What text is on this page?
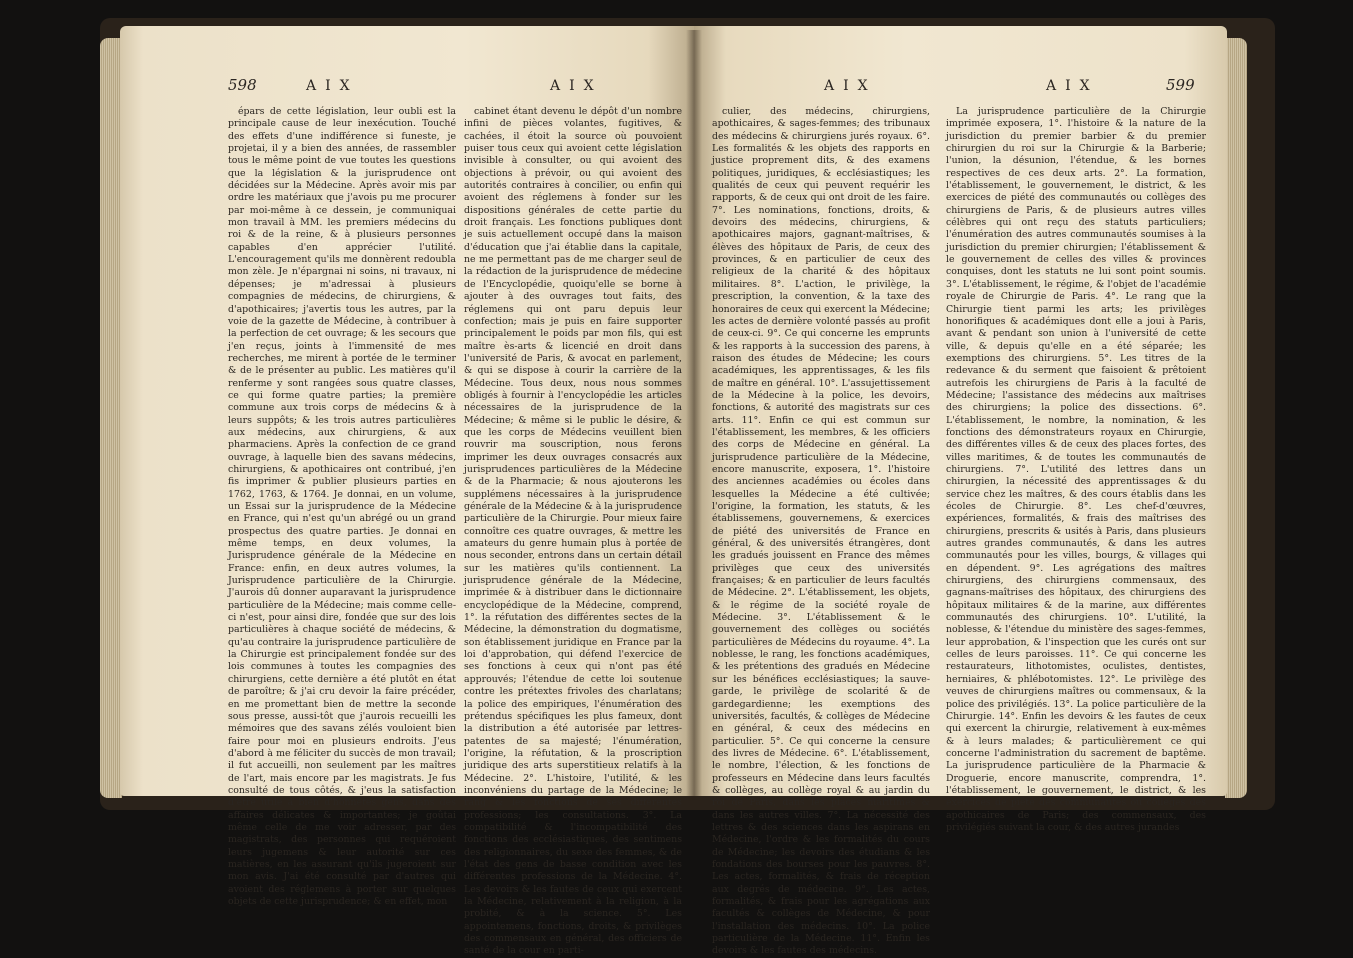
598	AIX	AIX

épars de cette législation, leur oubli est la principale cause de leur inexécution. Touché des effets d'une indifférence si funeste, je projetai, il y a bien des années, de rassembler tous le même point de vue toutes les questions que la législation & la jurisprudence ont décidées sur la Médecine. Après avoir mis par ordre les matériaux que j'avois pu me procurer par moi-même à ce dessein, je communiquai mon travail à MM. les premiers médecins du roi & de la reine, & à plusieurs personnes capables d'en apprécier l'utilité. L'encouragement qu'ils me donnèrent redoubla mon zèle. Je n'épargnai ni soins, ni travaux, ni dépenses; je m'adressai à plusieurs compagnies de médecins, de chirurgiens, & d'apothicaires; j'avertis tous les autres, par la voie de la gazette de Médecine, à contribuer à la perfection de cet ouvrage; & les secours que j'en reçus, joints à l'immensité de mes recherches, me mirent à portée de le terminer & de le présenter au public. Les matières qu'il renferme y sont rangées sous quatre classes, ce qui forme quatre parties; la première commune aux trois corps de médecins & à leurs suppôts; & les trois autres particulières aux médecins, aux chirurgiens, & aux pharmaciens. Après la confection de ce grand ouvrage, à laquelle bien des savans médecins, chirurgiens, & apothicaires ont contribué, j'en fis imprimer & publier plusieurs parties en 1762, 1763, & 1764. Je donnai, en un volume, un Essai sur la jurisprudence de la Médecine en France, qui n'est qu'un abrégé ou un grand prospectus des quatre parties. Je donnai en même temps, en deux volumes, la Jurisprudence générale de la Médecine en France: enfin, en deux autres volumes, la Jurisprudence particulière de la Chirurgie. J'aurois dû donner auparavant la jurisprudence particulière de la Médecine; mais comme celle-ci n'est, pour ainsi dire, fondée que sur des lois particulières à chaque société de médecins, & qu'au contraire la jurisprudence particulière de la Chirurgie est principalement fondée sur des lois communes à toutes les compagnies des chirurgiens, cette dernière a été plutôt en état de paroître; & j'ai cru devoir la faire précéder, en me promettant bien de mettre la seconde sous presse, aussi-tôt que j'aurois recueilli les mémoires que des savans zélés vouloient bien faire pour moi en plusieurs endroits. J'eus d'abord à me féliciter du succès de mon travail; il fut accueilli, non seulement par les maîtres de l'art, mais encore par les magistrats. Je fus consulté de tous côtés, & j'eus la satisfaction d'être utile à bien d'honnêtes gens, dans des affaires délicates & importantes; je goûtai même celle de me voir adresser, par des magistrats, des personnes qui requéroient leurs jugemens & leur autorité sur ces matières, en les assurant qu'ils jugeroient sur mon avis. J'ai été consulté par d'autres qui avoient des réglemens à porter sur quelques objets de cette jurisprudence; & en effet, mon

cabinet étant devenu le dépôt d'un nombre infini de pièces volantes, fugitives, & cachées, il étoit la source où pouvoient puiser tous ceux qui avoient cette législation invisible à consulter, ou qui avoient des objections à prévoir, ou qui avoient des autorités contraires à concilier, ou enfin qui avoient des réglemens à fonder sur les dispositions générales de cette partie du droit français. Les fonctions publiques dont je suis actuellement occupé dans la maison d'éducation que j'ai établie dans la capitale, ne me permettant pas de me charger seul de la rédaction de la jurisprudence de médecine de l'Encyclopédie, quoiqu'elle se borne à ajouter à des ouvrages tout faits, des réglemens qui ont paru depuis leur confection; mais je puis en faire supporter principalement le poids par mon fils, qui est maître ès-arts & licencié en droit dans l'université de Paris, & avocat en parlement, & qui se dispose à courir la carrière de la Médecine. Tous deux, nous nous sommes obligés à fournir à l'encyclopédie les articles nécessaires de la jurisprudence de la Médecine; & même si le public le désire, & que les corps de Médecins veuillent bien rouvrir ma souscription, nous ferons imprimer les deux ouvrages consacrés aux jurisprudences particulières de la Médecine & de la Pharmacie; & nous ajouterons les supplémens nécessaires à la jurisprudence générale de la Médecine & à la jurisprudence particulière de la Chirurgie. Pour mieux faire connoître ces quatre ouvrages, & mettre les amateurs du genre humain plus à portée de nous seconder, entrons dans un certain détail sur les matières qu'ils contiennent. La jurisprudence générale de la Médecine, imprimée & à distribuer dans le dictionnaire encyclopédique de la Médecine, comprend, 1°. la réfutation des différentes sectes de la Médecine, la démonstration du dogmatisme, son établissement juridique en France par la loi d'approbation, qui défend l'exercice de ses fonctions à ceux qui n'ont pas été approuvés; l'étendue de cette loi soutenue contre les prétextes frivoles des charlatans; la police des empiriques, l'énumération des prétendus spécifiques les plus fameux, dont la distribution a été autorisée par lettres-patentes de sa majesté; l'énumération, l'origine, la réfutation, & la proscription juridique des arts superstitieux relatifs à la Médecine. 2°. L'histoire, l'utilité, & les inconvéniens du partage de la Médecine; le rang & les fonctions de ses différentes professions; les consultations. 3°. La compatibilité & l'incompatibilité des fonctions des ecclésiastiques, des sentimens des religionnaires, du sexe des femmes, & de l'état des gens de basse condition avec les différentes professions de la Médecine. 4°. Les devoirs & les fautes de ceux qui exercent la Médecine, relativement à la religion, à la probité, & à la science. 5°. Les appointemens, fonctions, droits, & privilèges des commensaux en général, des officiers de santé de la cour en parti-

AIX	AIX	599

culier, des médecins, chirurgiens, apothicaires, & sages-femmes; des tribunaux des médecins & chirurgiens jurés royaux. 6°. Les formalités & les objets des rapports en justice proprement dits, & des examens politiques, juridiques, & ecclésiastiques; les qualités de ceux qui peuvent requérir les rapports, & de ceux qui ont droit de les faire. 7°. Les nominations, fonctions, droits, & devoirs des médecins, chirurgiens, & apothicaires majors, gagnant-maîtrises, & élèves des hôpitaux de Paris, de ceux des provinces, & en particulier de ceux des religieux de la charité & des hôpitaux militaires. 8°. L'action, le privilège, la prescription, la convention, & la taxe des honoraires de ceux qui exercent la Médecine; les actes de dernière volonté passés au profit de ceux-ci. 9°. Ce qui concerne les emprunts & les rapports à la succession des parens, à raison des études de Médecine; les cours académiques, les apprentissages, & les fils de maître en général. 10°. L'assujettissement de la Médecine à la police, les devoirs, fonctions, & autorité des magistrats sur ces arts. 11°. Enfin ce qui est commun sur l'établissement, les membres, & les officiers des corps de Médecine en général. La jurisprudence particulière de la Médecine, encore manuscrite, exposera, 1°. l'histoire des anciennes académies ou écoles dans lesquelles la Médecine a été cultivée; l'origine, la formation, les statuts, & les établissemens, gouvernemens, & exercices de piété des universités de France en général, & des universités étrangères, dont les gradués jouissent en France des mêmes privilèges que ceux des universités françaises; & en particulier de leurs facultés de Médecine. 2°. L'établissement, les objets, & le régime de la société royale de Médecine. 3°. L'établissement & le gouvernement des collèges ou sociétés particulières de Médecins du royaume. 4°. La noblesse, le rang, les fonctions académiques, & les prétentions des gradués en Médecine sur les bénéfices ecclésiastiques; la sauve-garde, le privilège de scolarité & de gardegardienne; les exemptions des universités, facultés, & collèges de Médecine en général, & ceux des médecins en particulier. 5°. Ce qui concerne la censure des livres de Médecine. 6°. L'établissement, le nombre, l'élection, & les fonctions de professeurs en Médecine dans leurs facultés & collèges, au collège royal & au jardin du roi de Paris, dans les places maritimes & dans les autres villes. 7°. La nécessité des lettres & des sciences dans les aspirans en Médecine, l'ordre & les formalités du cours de Médecine; les devoirs des étudians & les fondations des bourses pour les pauvres. 8°. Les actes, formalités, & frais de réception aux degrés de médecine. 9°. Les actes, formalités, & frais pour les agrégations aux facultés & collèges de Médecine, & pour l'installation des médecins. 10°. La police particulière de la Médecine. 11°. Enfin les devoirs & les fautes des médecins.

La jurisprudence particulière de la Chirurgie imprimée exposera, 1°. l'histoire & la nature de la jurisdiction du premier barbier & du premier chirurgien du roi sur la Chirurgie & la Barberie; l'union, la désunion, l'étendue, & les bornes respectives de ces deux arts. 2°. La formation, l'établissement, le gouvernement, le district, & les exercices de piété des communautés ou collèges des chirurgiens de Paris, & de plusieurs autres villes célèbres qui ont reçu des statuts particuliers; l'énumération des autres communautés soumises à la jurisdiction du premier chirurgien; l'établissement & le gouvernement de celles des villes & provinces conquises, dont les statuts ne lui sont point soumis. 3°. L'établissement, le régime, & l'objet de l'académie royale de Chirurgie de Paris. 4°. Le rang que la Chirurgie tient parmi les arts; les privilèges honorifiques & académiques dont elle a joui à Paris, avant & pendant son union à l'université de cette ville, & depuis qu'elle en a été séparée; les exemptions des chirurgiens. 5°. Les titres de la redevance & du serment que faisoient & prêtoient autrefois les chirurgiens de Paris à la faculté de Médecine; l'assistance des médecins aux maîtrises des chirurgiens; la police des dissections. 6°. L'établissement, le nombre, la nomination, & les fonctions des démonstrateurs royaux en Chirurgie, des différentes villes & de ceux des places fortes, des villes maritimes, & de toutes les communautés de chirurgiens. 7°. L'utilité des lettres dans un chirurgien, la nécessité des apprentissages & du service chez les maîtres, & des cours établis dans les écoles de Chirurgie. 8°. Les chef-d'œuvres, expériences, formalités, & frais des maîtrises des chirurgiens, prescrits & usités à Paris, dans plusieurs autres grandes communautés, & dans les autres communautés pour les villes, bourgs, & villages qui en dépendent. 9°. Les agrégations des maîtres chirurgiens, des chirurgiens commensaux, des gagnans-maîtrises des hôpitaux, des chirurgiens des hôpitaux militaires & de la marine, aux différentes communautés des chirurgiens. 10°. L'utilité, la noblesse, & l'étendue du ministère des sages-femmes, leur approbation, & l'inspection que les curés ont sur celles de leurs paroisses. 11°. Ce qui concerne les restaurateurs, lithotomistes, oculistes, dentistes, herniaires, & phlébotomistes. 12°. Le privilège des veuves de chirurgiens maîtres ou commensaux, & la police des privilégiés. 13°. La police particulière de la Chirurgie. 14°. Enfin les devoirs & les fautes de ceux qui exercent la chirurgie, relativement à eux-mêmes & à leurs malades; & particulièrement ce qui concerne l'administration du sacrement de baptême. La jurisprudence particulière de la Pharmacie & Droguerie, encore manuscrite, comprendra, 1°. l'établissement, le gouvernement, le district, & les exercices de piété des communautés ou collèges des apothicaires de Paris; des commensaux, des privilégiés suivant la cour, & des autres jurandes
